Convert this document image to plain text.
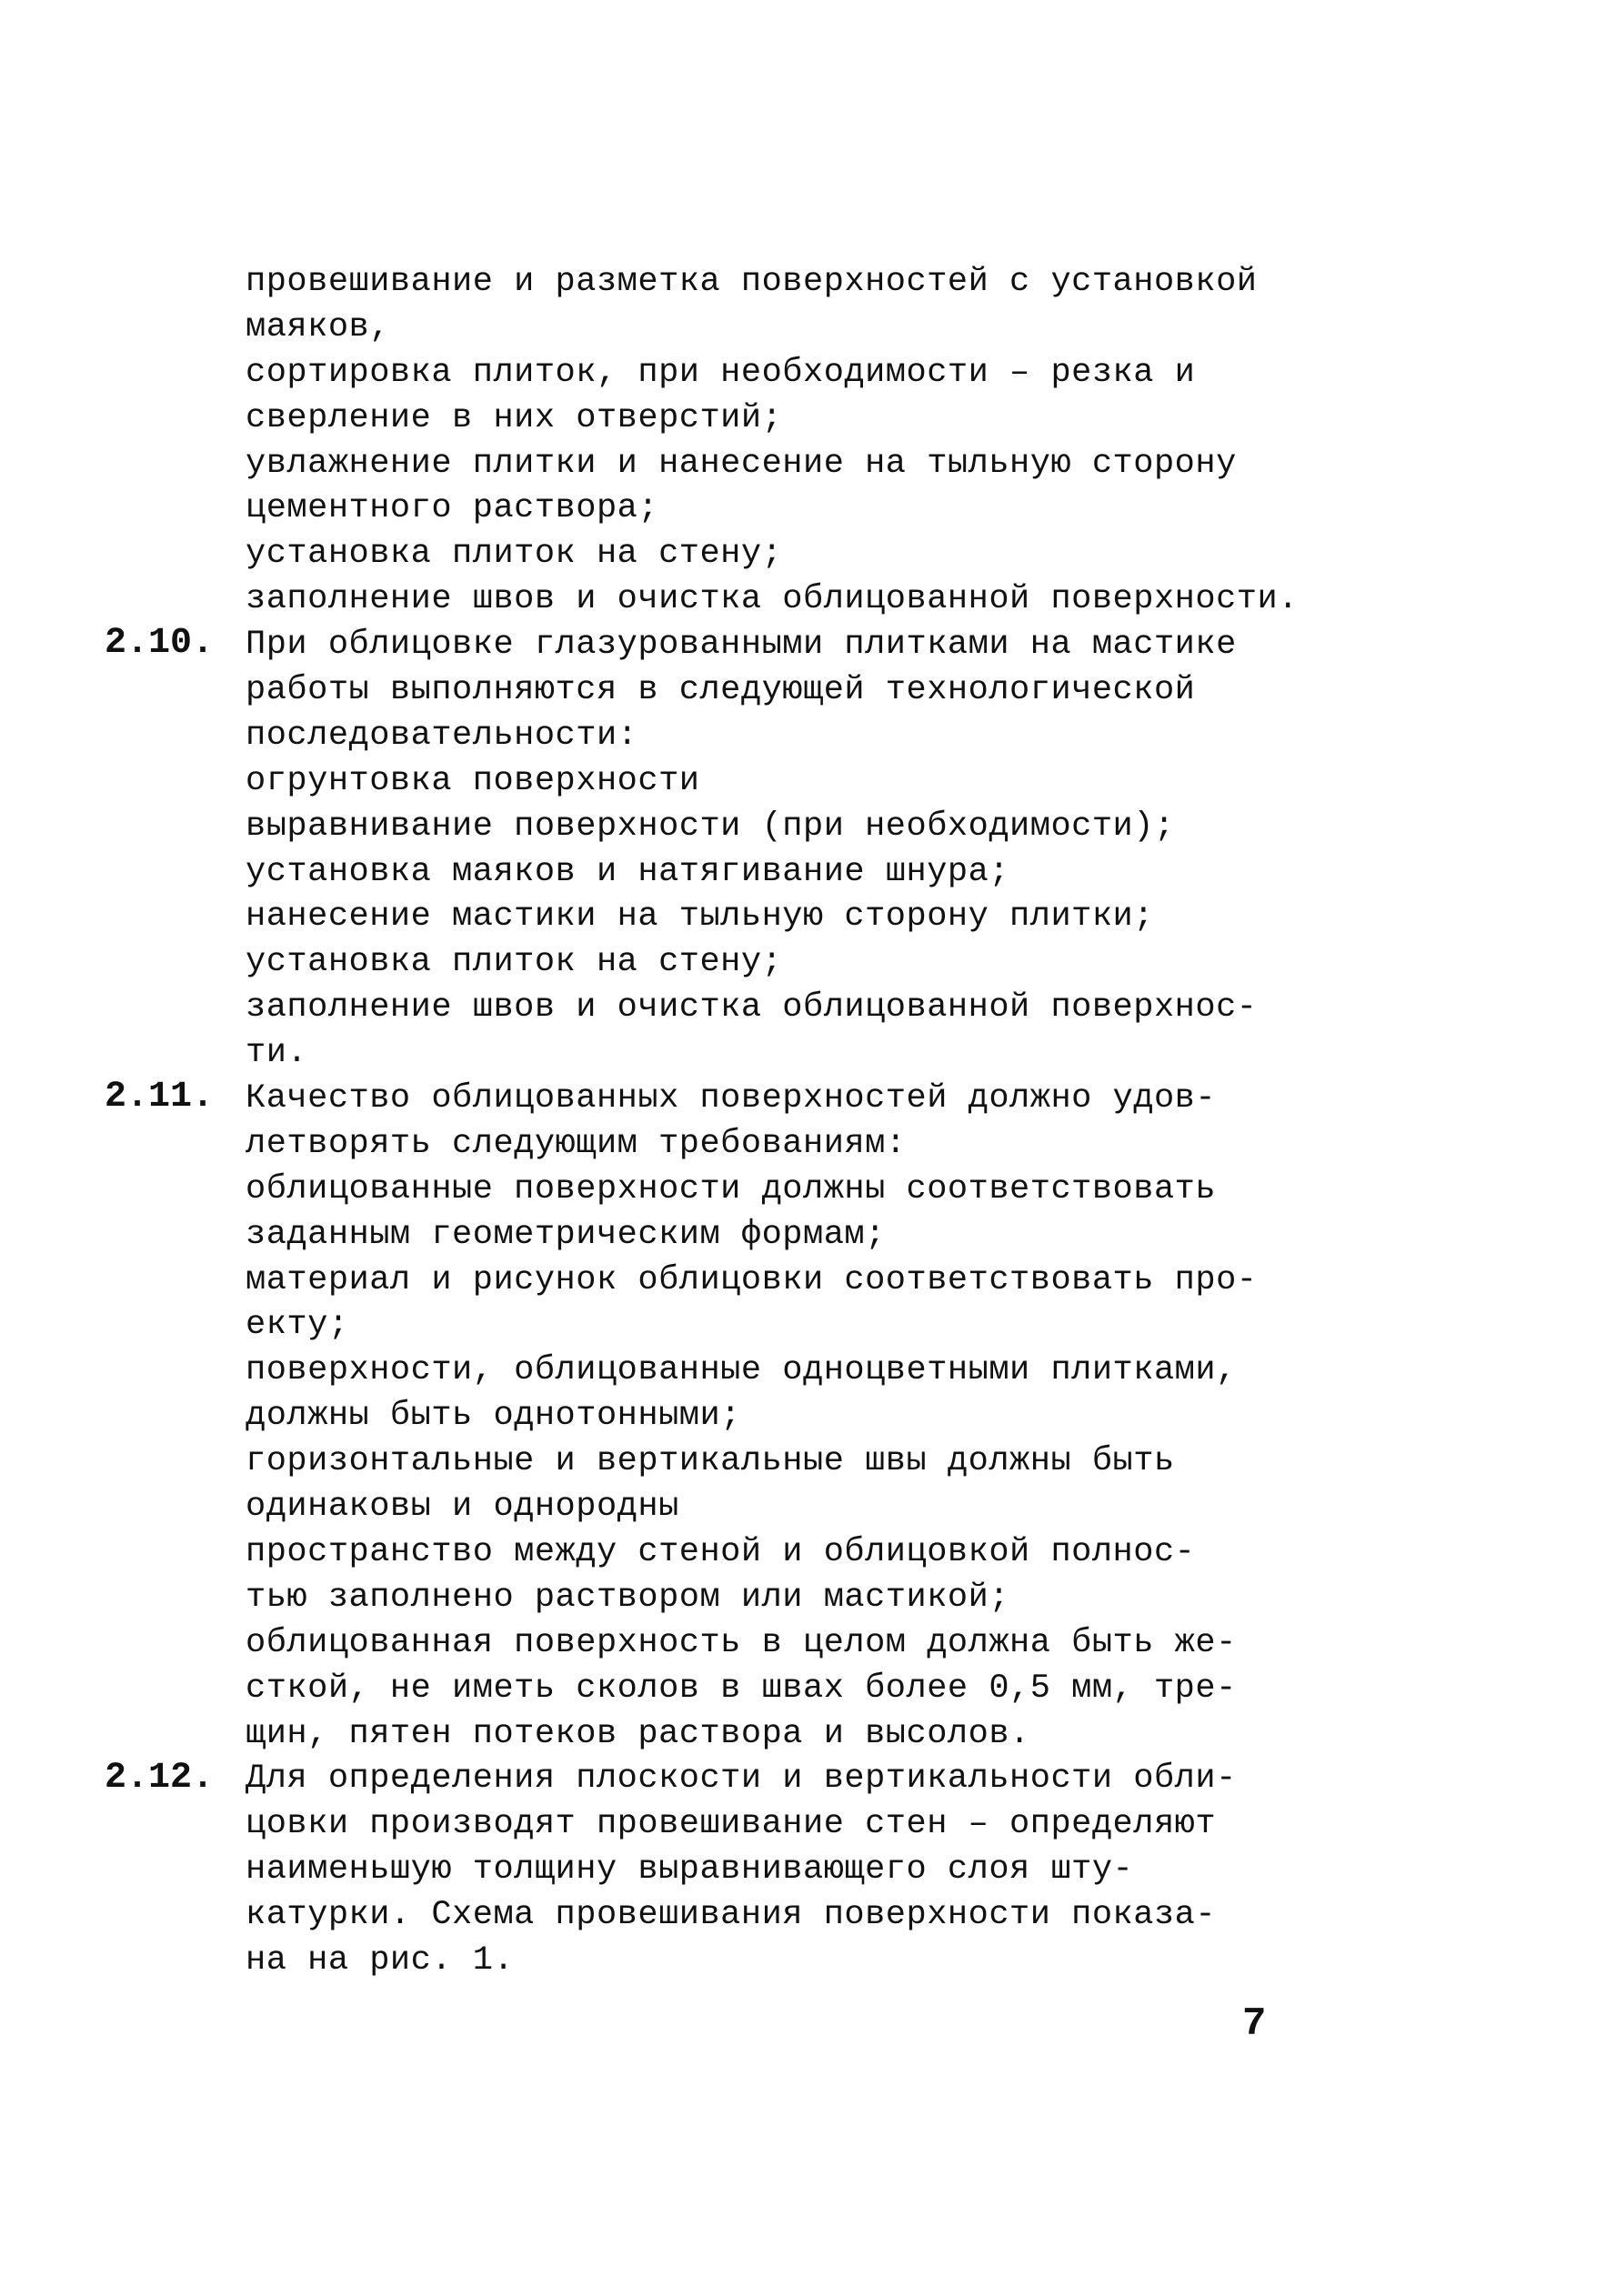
провешивание и разметка поверхностей с установкой
маяков,
сортировка плиток, при необходимости – резка и
сверление в них отверстий;
увлажнение плитки и нанесение на тыльную сторону
цементного раствора;
установка плиток на стену;
заполнение швов и очистка облицованной поверхности.
При облицовке глазурованными плитками на мастике
работы выполняются в следующей технологической
последовательности:
огрунтовка поверхности
выравнивание поверхности (при необходимости);
установка маяков и натягивание шнура;
нанесение мастики на тыльную сторону плитки;
установка плиток на стену;
заполнение швов и очистка облицованной поверхнос-
ти.
Качество облицованных поверхностей должно удов-
летворять следующим требованиям:
облицованные поверхности должны соответствовать
заданным геометрическим формам;
материал и рисунок облицовки соответствовать про-
екту;
поверхности, облицованные одноцветными плитками,
должны быть однотонными;
горизонтальные и вертикальные швы должны быть
одинаковы и однородны
пространство между стеной и облицовкой полнос-
тью заполнено раствором или мастикой;
облицованная поверхность в целом должна быть же-
сткой, не иметь сколов в швах более 0,5 мм, тре-
щин, пятен потеков раствора и высолов.
Для определения плоскости и вертикальности обли-
цовки производят провешивание стен – определяют
наименьшую толщину выравнивающего слоя шту-
катурки. Схема провешивания поверхности показа-
на на рис. 1.
7
2.10.
2.11.
2.12.
